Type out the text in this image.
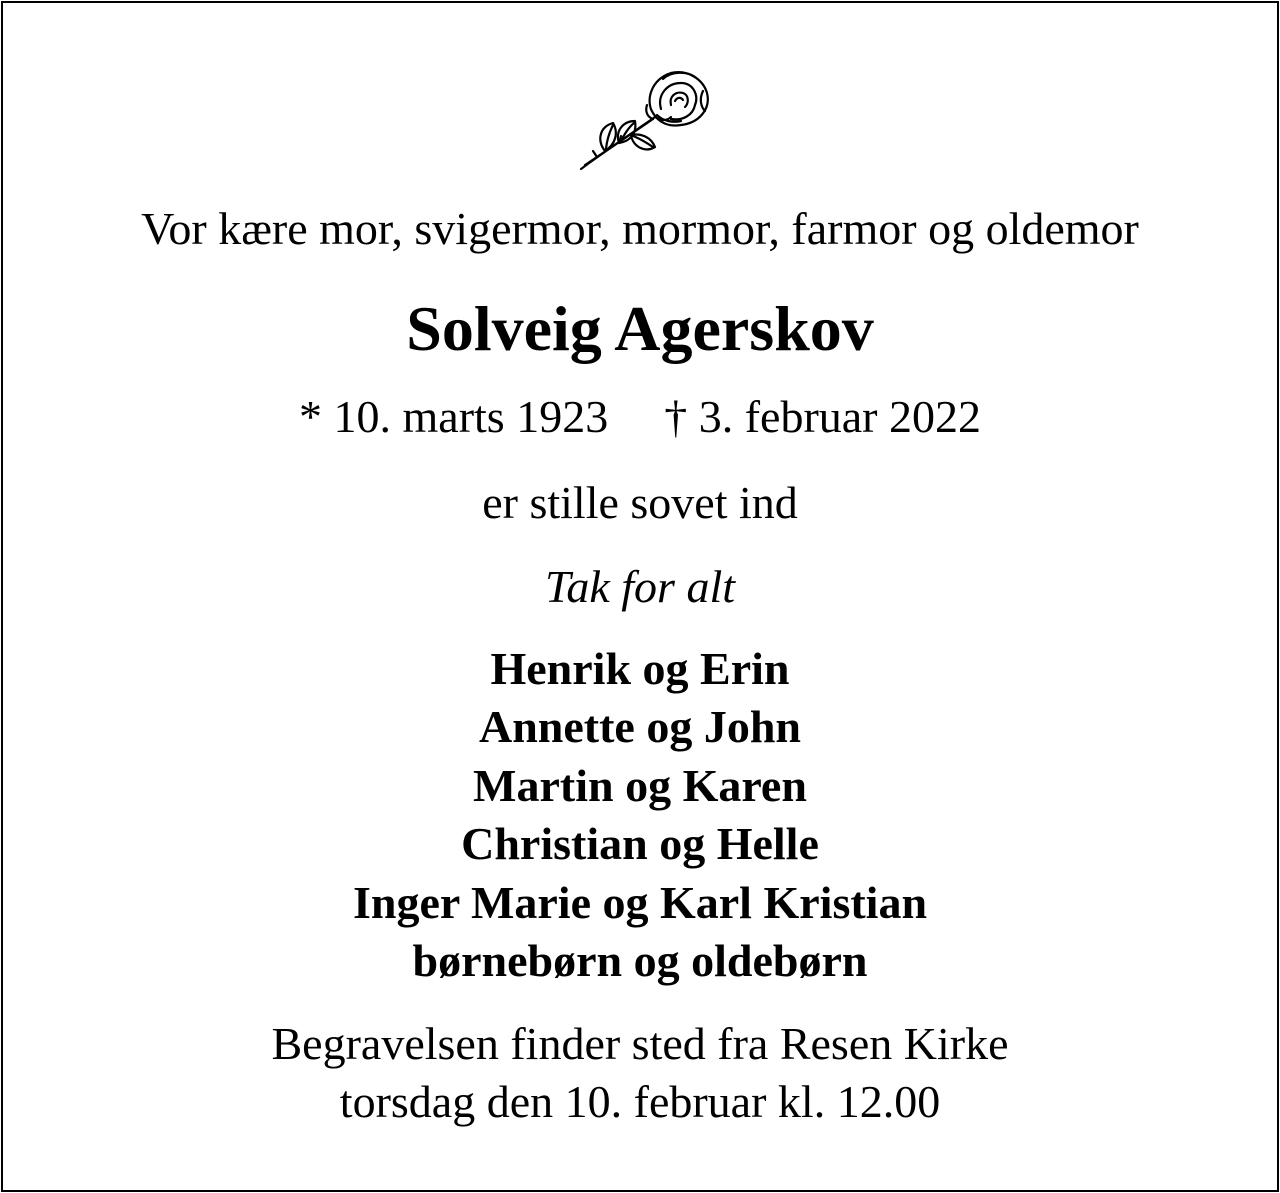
Vor kære mor, svigermor, mormor, farmor og oldemor
Solveig Agerskov
* 10. marts 1923 † 3. februar 2022
er stille sovet ind
Tak for alt
Henrik og Erin
Annette og John
Martin og Karen
Christian og Helle
Inger Marie og Karl Kristian
børnebørn og oldebørn
Begravelsen finder sted fra Resen Kirke
torsdag den 10. februar kl. 12.00
